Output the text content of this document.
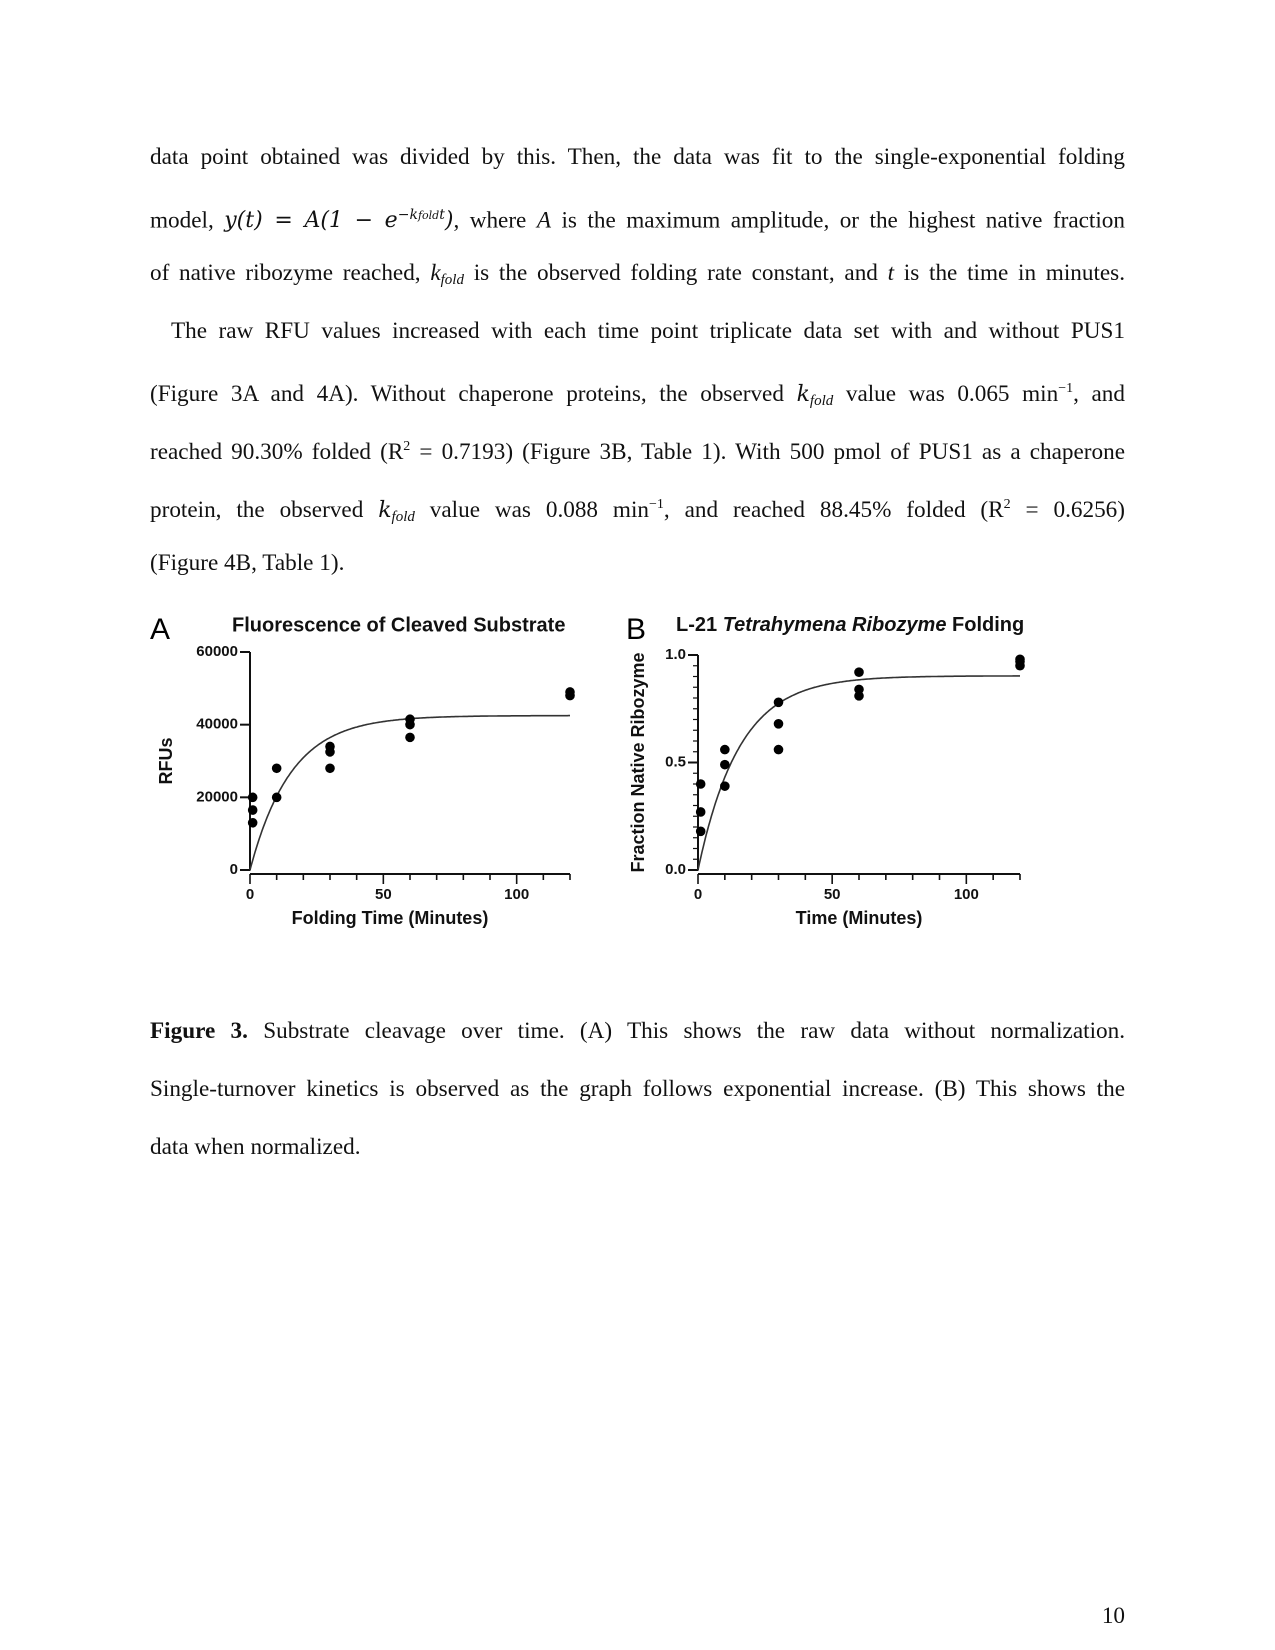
data point obtained was divided by this. Then, the data was fit to the single-exponential folding
model, $y(t) = A(1 - e^{-kfoldt})$, where A is the maximum amplitude, or the highest native fraction
of native ribozyme reached, $k_{fold}$ is the observed folding rate constant, and t is the time in minutes.
The raw RFU values increased with each time point triplicate data set with and without PUS1
(Figure 3A and 4A). Without chaperone proteins, the observed $k_{fold}$ value was 0.065 $\min^{-1}$, and
reached 90.30% folded $(R^2 = 0.7193)$ (Figure 3B, Table 1). With 500 pmol of PUS1 as a chaperone
protein, the observed $k_{fold}$ value was 0.088 $\min^{-1}$, and reached 88.45% folded $(R^2 = 0.6256)$
(Figure 4B, Table 1).
A	Fluorescence of Cleaved Substrate
0	50	100
0
20000
40000
60000
Folding Time (Minutes)
RFUs
B L-21 Tetrahymena Ribozyme Folding
0	50	100
0.0
0.5
1.0
Time (Minutes)
Fraction Native Ribozyme
Figure 3. Substrate cleavage over time. (A) This shows the raw data without normalization.
Single-turnover kinetics is observed as the graph follows exponential increase. (B) This shows the
data when normalized.
10
